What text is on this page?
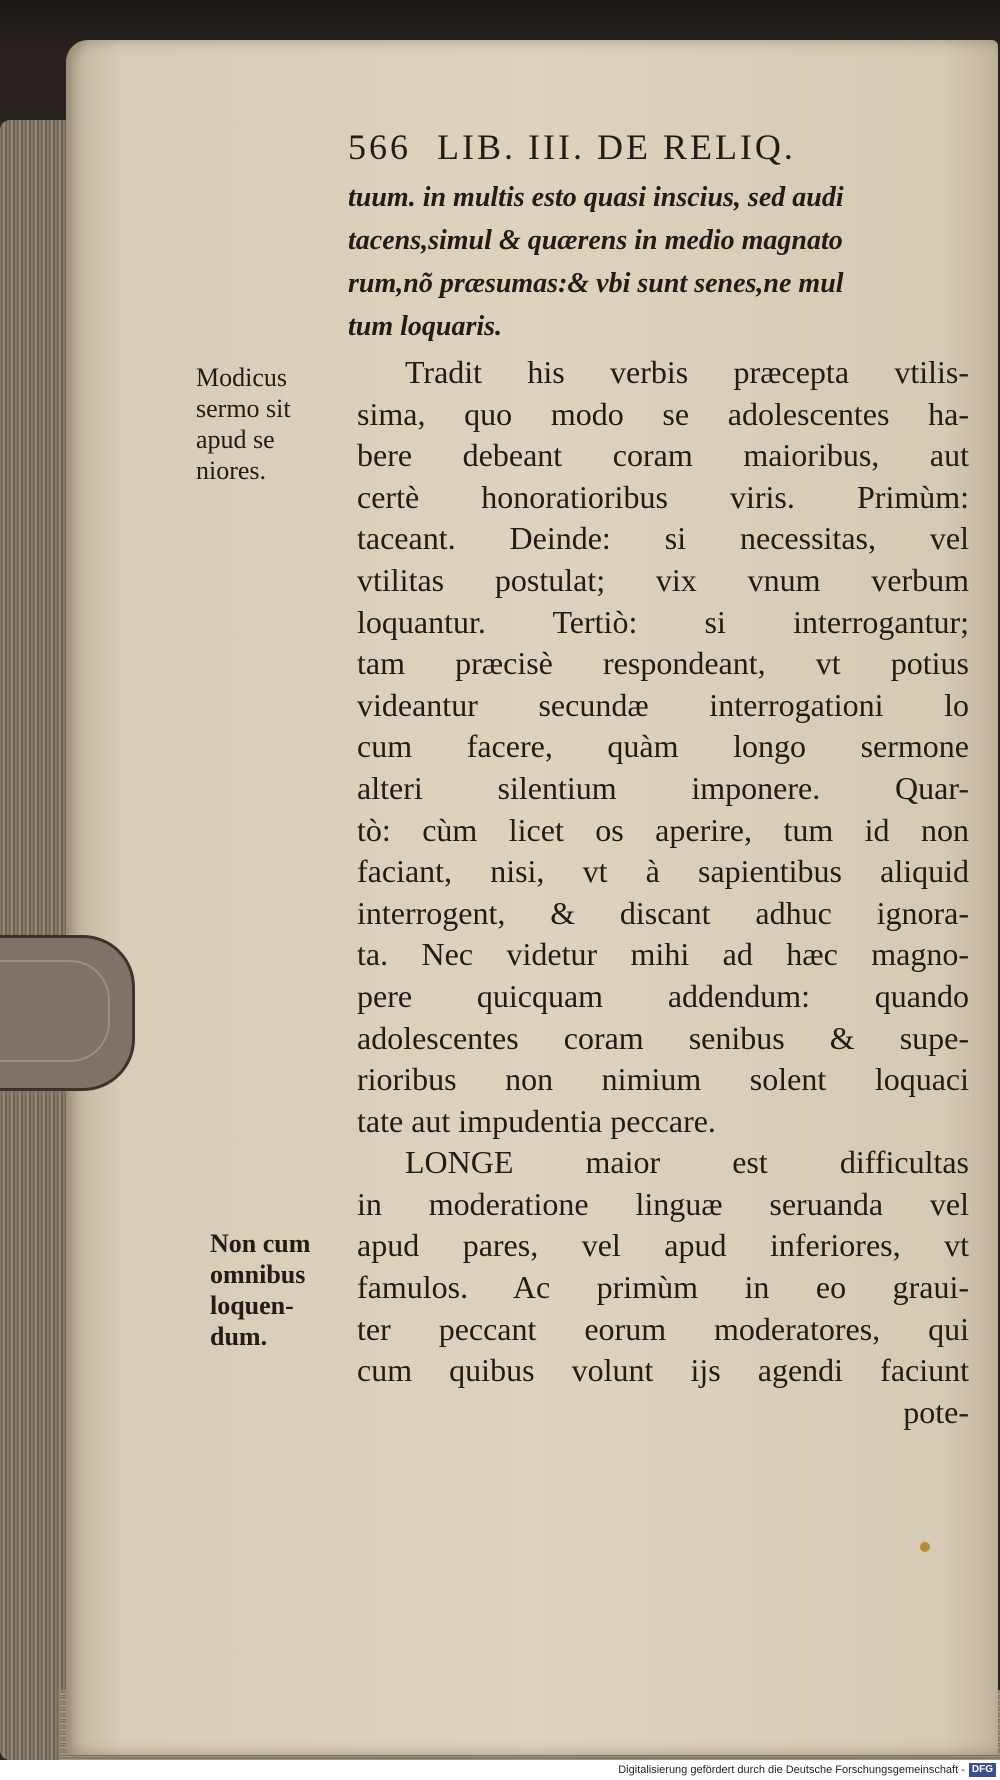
566 LIB. III. DE RELIQ.
tuum. in multis esto quasi inscius, sed audi
tacens,simul & quærens in medio magnato
rum,nõ præsumas:& vbi sunt senes,ne mul
tum loquaris.
Modicus
sermo sit
apud se
niores.
Non cum
omnibus
loquen-
dum.
Tradit his verbis præcepta vtilis-
sima, quo modo se adolescentes ha-
bere debeant coram maioribus, aut
certè honoratioribus viris. Primùm:
taceant. Deinde: si necessitas, vel
vtilitas postulat; vix vnum verbum
loquantur. Tertiò: si interrogantur;
tam præcisè respondeant, vt potius
videantur secundæ interrogationi lo
cum facere, quàm longo sermone
alteri silentium imponere. Quar-
tò: cùm licet os aperire, tum id non
faciant, nisi, vt à sapientibus aliquid
interrogent, & discant adhuc ignora-
ta. Nec videtur mihi ad hæc magno-
pere quicquam addendum: quando
adolescentes coram senibus & supe-
rioribus non nimium solent loquaci
tate aut impudentia peccare.
LONGE maior est difficultas
in moderatione linguæ seruanda vel
apud pares, vel apud inferiores, vt
famulos. Ac primùm in eo graui-
ter peccant eorum moderatores, qui
cum quibus volunt ijs agendi faciunt
pote-
Digitalisierung gefördert durch die Deutsche Forschungsgemeinschaft - DFG
